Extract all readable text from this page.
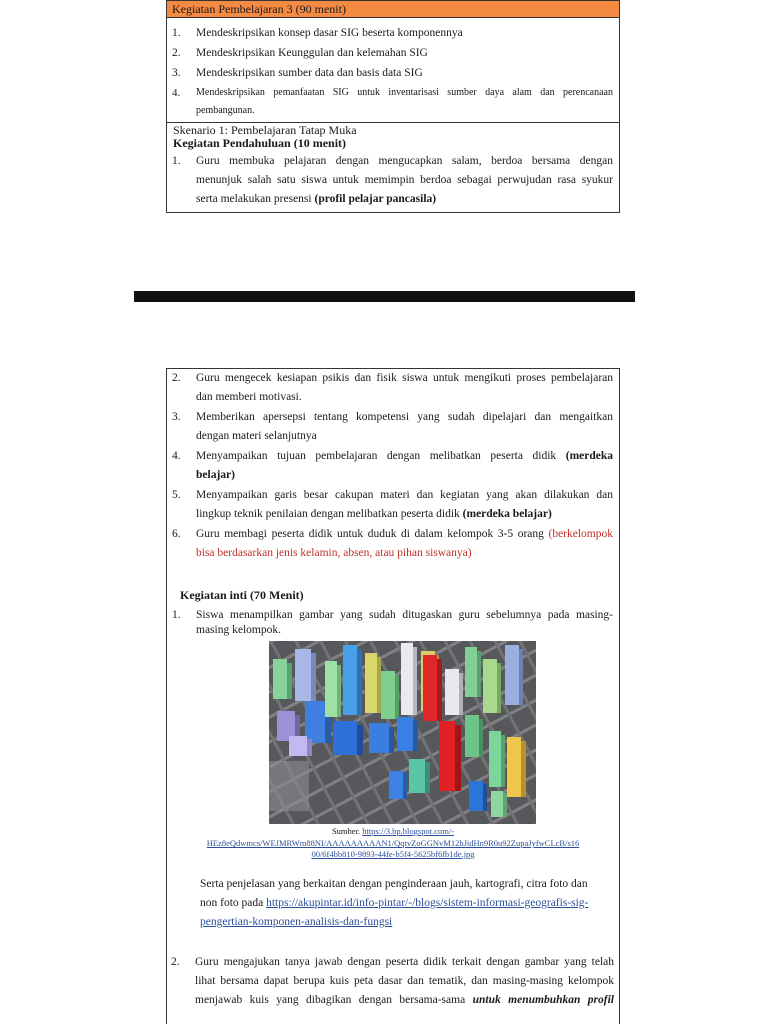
Kegiatan Pembelajaran 3 (90 menit)
1.	Mendeskripsikan konsep dasar SIG beserta komponennya
2.	Mendeskripsikan Keunggulan dan kelemahan SIG
3.	Mendeskripsikan sumber data dan basis data SIG
4.	Mendeskripsikan pemanfaatan SIG untuk inventarisasi sumber daya alam dan perencanaan
pembangunan.
Skenario 1: Pembelajaran Tatap Muka
Kegiatan Pendahuluan (10 menit)
1.	Guru membuka pelajaran dengan mengucapkan salam, berdoa bersama dengan
menunjuk salah satu siswa untuk memimpin berdoa sebagai perwujudan rasa syukur
serta melakukan presensi (profil pelajar pancasila)
2.	Guru mengecek kesiapan psikis dan fisik siswa untuk mengikuti proses pembelajaran
dan memberi motivasi.
3.	Memberikan apersepsi tentang kompetensi yang sudah dipelajari dan mengaitkan
dengan materi selanjutnya
4.	Menyampaikan tujuan pembelajaran dengan melibatkan peserta didik (merdeka
belajar)
5.	Menyampaikan garis besar cakupan materi dan kegiatan yang akan dilakukan dan
lingkup teknik penilaian dengan melibatkan peserta didik (merdeka belajar)
6.	Guru membagi peserta didik untuk duduk di dalam kelompok 3-5 orang (berkelompok
bisa berdasarkan jenis kelamin, absen, atau pihan siswanya)
Kegiatan inti (70 Menit)
1.	Siswa menampilkan gambar yang sudah ditugaskan guru sebelumnya pada masing-
masing kelompok.
Sumber. https://3.bp.blogspot.com/-
HEz8eQdwmcs/WEJMRWm88NI/AAAAAAAAAN1/QqtvZoGGNvM12bJidHn9R0u92ZupaJyfwCLcB/s16
00/6f4bb810-9893-44fe-b5f4-5625bf6fb1de.jpg
Serta penjelasan yang berkaitan dengan penginderaan jauh, kartografi, citra foto dan
non foto pada https://akupintar.id/info-pintar/-/blogs/sistem-informasi-geografis-sig-
pengertian-komponen-analisis-dan-fungsi
2.	Guru mengajukan tanya jawab dengan peserta didik terkait dengan gambar yang telah
lihat bersama dapat berupa kuis peta dasar dan tematik, dan masing-masing kelompok
menjawab kuis yang dibagikan dengan bersama-sama untuk menumbuhkan profil
